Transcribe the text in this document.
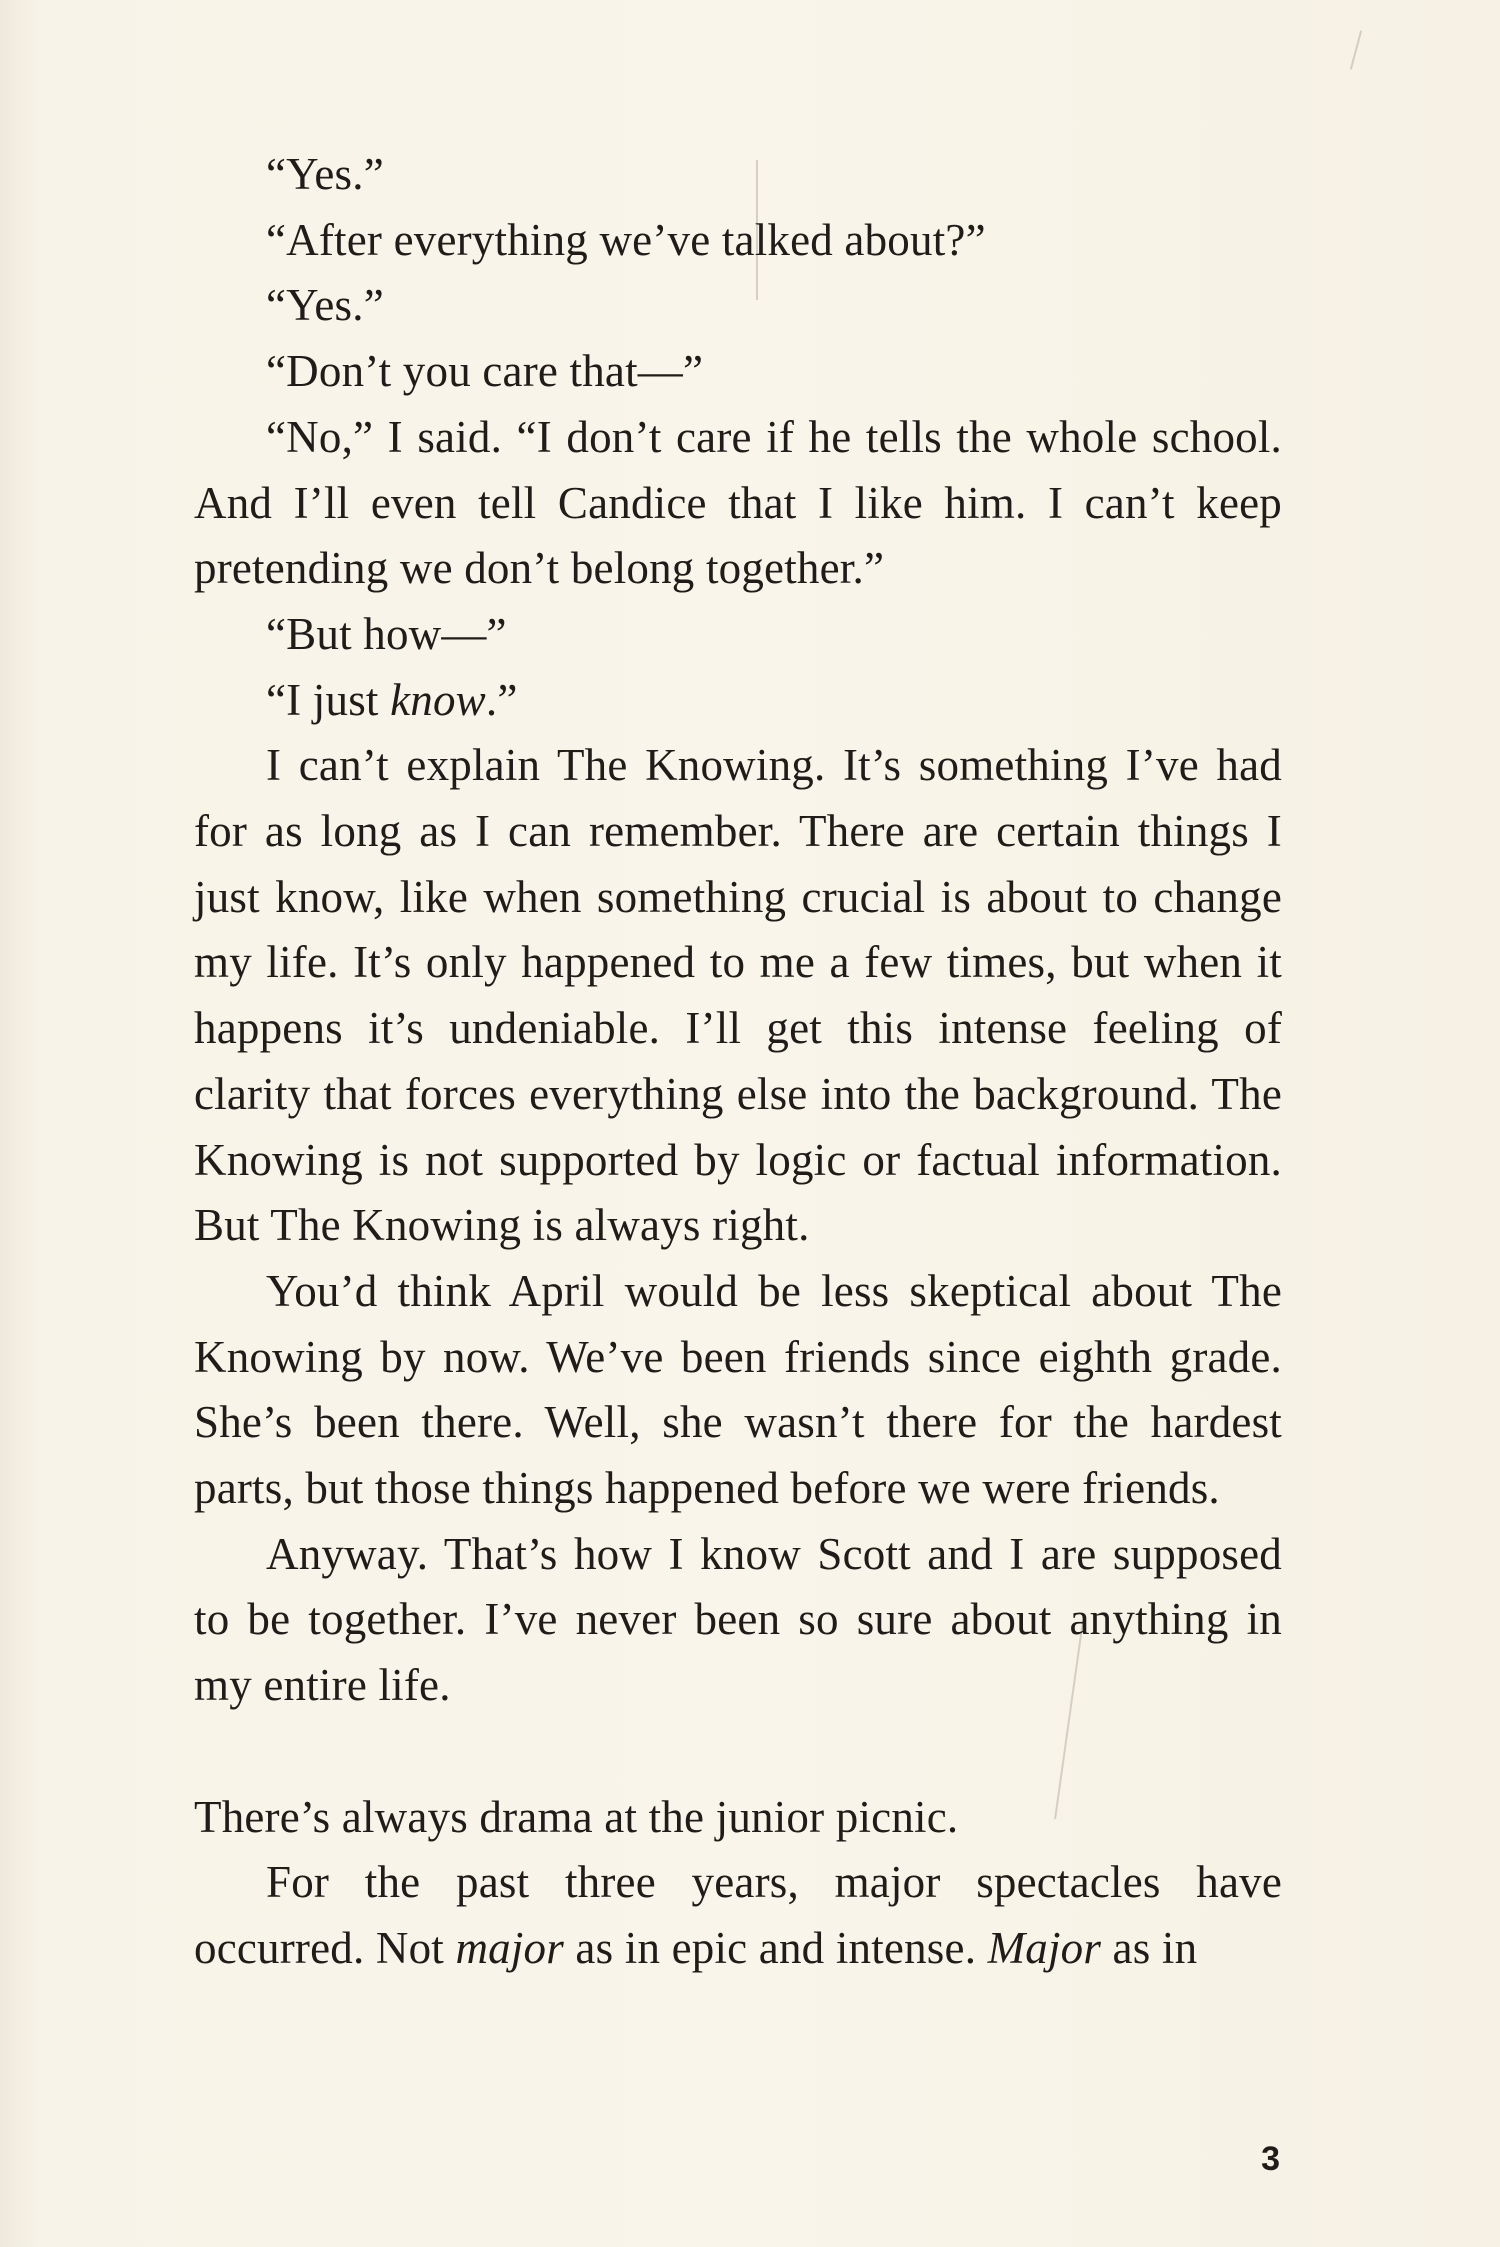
“Yes.”

“After everything we’ve talked about?”

“Yes.”

“Don’t you care that—”

“No,” I said. “I don’t care if he tells the whole school. And I’ll even tell Candice that I like him. I can’t keep pretending we don’t belong together.”

“But how—”

“I just know.”

I can’t explain The Knowing. It’s something I’ve had for as long as I can remember. There are certain things I just know, like when something crucial is about to change my life. It’s only happened to me a few times, but when it happens it’s undeniable. I’ll get this intense feeling of clarity that forces everything else into the background. The Knowing is not supported by logic or factual information. But The Knowing is always right.

You’d think April would be less skeptical about The Knowing by now. We’ve been friends since eighth grade. She’s been there. Well, she wasn’t there for the hardest parts, but those things happened before we were friends.

Anyway. That’s how I know Scott and I are supposed to be together. I’ve never been so sure about anything in my entire life.

There’s always drama at the junior picnic.

For the past three years, major spectacles have occurred. Not major as in epic and intense. Major as in

3
